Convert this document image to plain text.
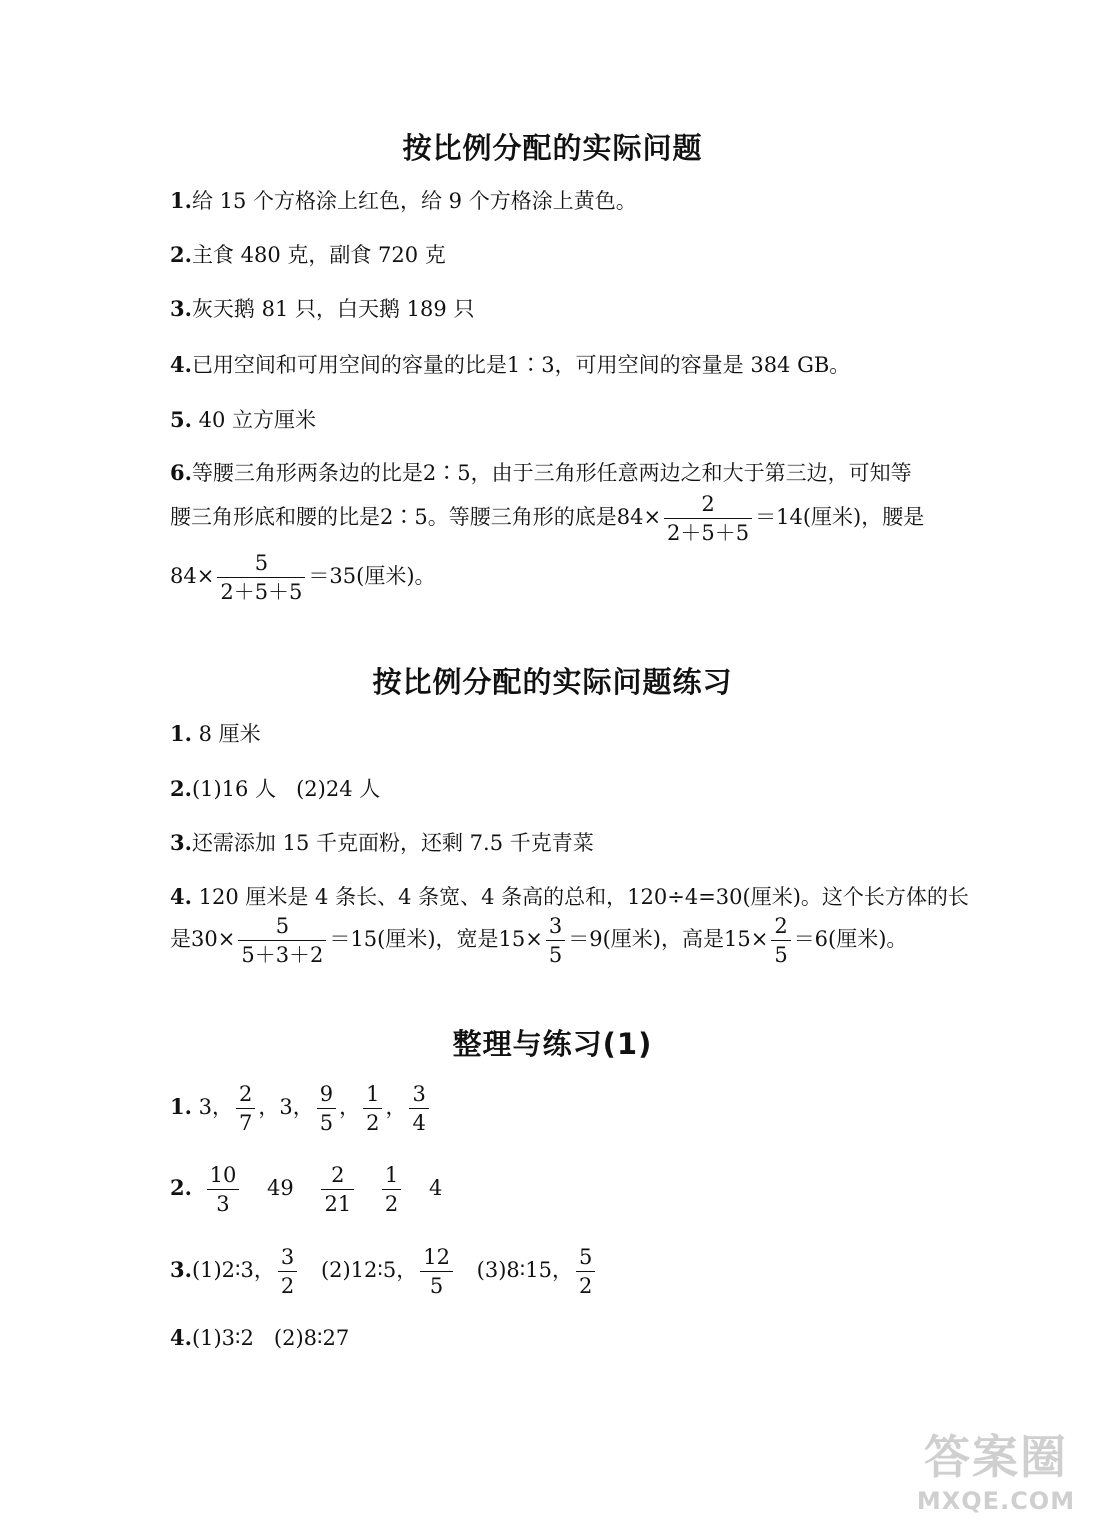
按比例分配的实际问题
1.给 15 个方格涂上红色，给 9 个方格涂上黄色。
2.主食 480 克，副食 720 克
3.灰天鹅 81 只，白天鹅 189 只
4.已用空间和可用空间的容量的比是1∶3，可用空间的容量是 384 GB。
5. 40 立方厘米
6.等腰三角形两条边的比是2∶5，由于三角形任意两边之和大于第三边，可知等
腰三角形底和腰的比是2∶5。等腰三角形的底是$84\times \frac{2}{2+5+5} =14$(厘米)，腰是
$84\times \frac{5}{2+5+5} =35$(厘米)。
按比例分配的实际问题练习
1. 8 厘米
2.(1)16 人   (2)24 人
3.还需添加 15 千克面粉，还剩 7.5 千克青菜
4. 120 厘米是 4 条长、4 条宽、4 条高的总和，120÷4=30(厘米)。这个长方体的长
是$30\times \frac{5}{5+3+2} =15$(厘米)，宽是$15\times \frac{3}{5} =9$(厘米)，高是$15\times \frac{2}{5} =6$(厘米)。
整理与练习(1)
1. 3， $\frac{2}{7}$ ，3， $\frac{9}{5}$ ， $\frac{1}{2}$ ， $\frac{3}{4}$
2. $\frac{10}{3} 49 \frac{2}{21}$
$\frac{1}{2} 4$
3.(1)2∶3， $\frac{3}{2}$ (2)12∶5， $\frac{12}{5}$ (3)8∶15， $\frac{5}{2}$
4.(1)3∶2   (2)8∶27
答案圈
MXQE.COM
